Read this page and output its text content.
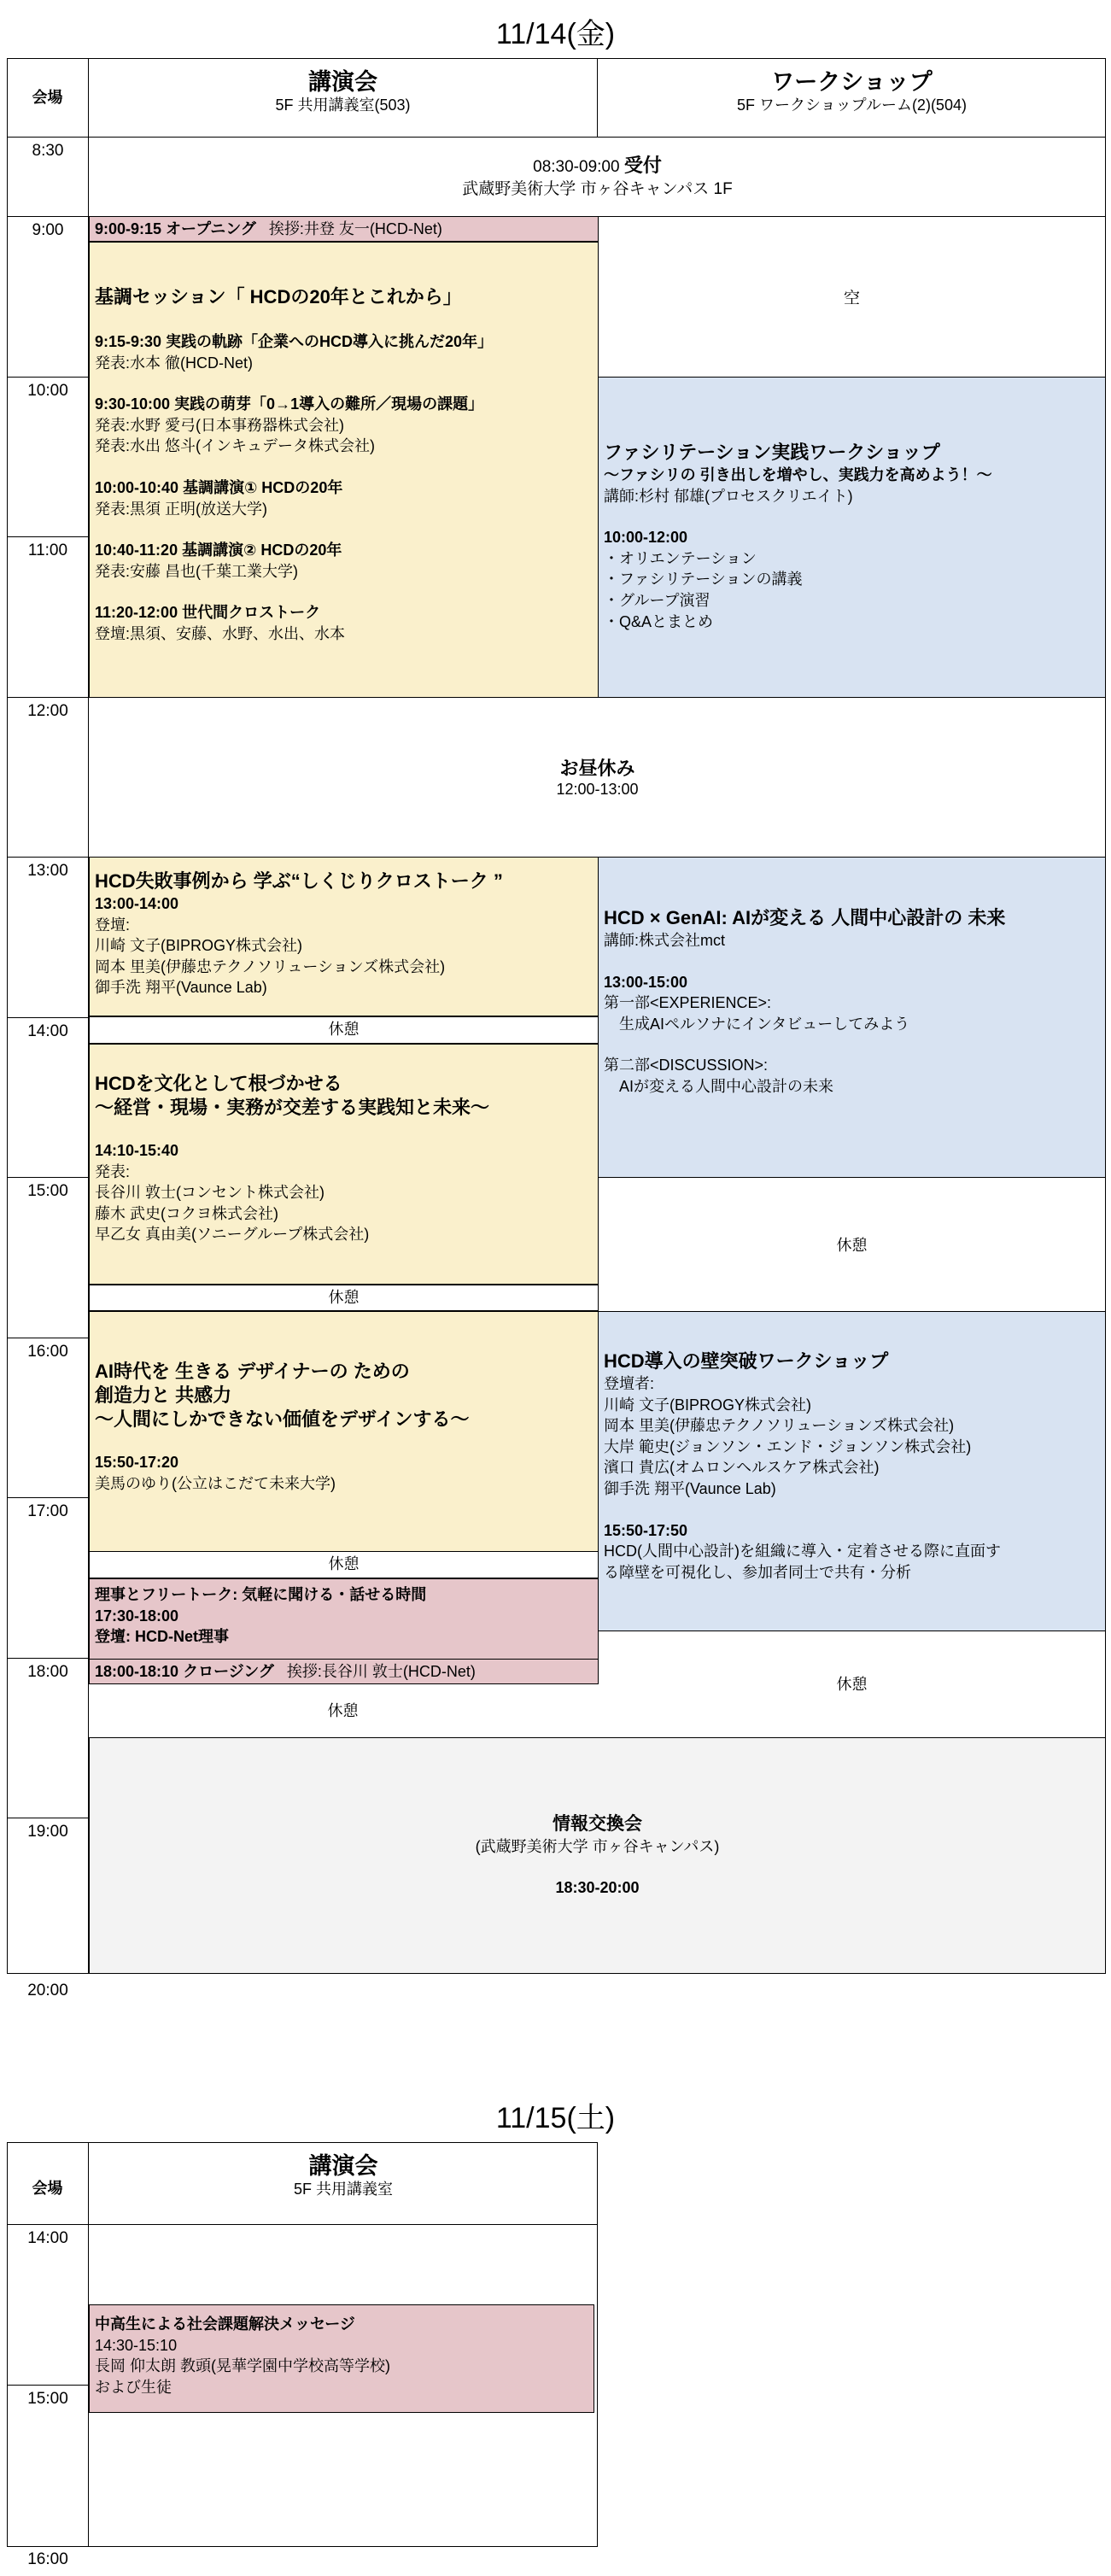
11/14(金)
会場
講演会
5F 共用講義室(503)
ワークショップ
5F ワークショップルーム(2)(504)
8:30
9:00
10:00
11:00
12:00
13:00
14:00
15:00
16:00
17:00
18:00
19:00
20:00
08:30-09:00 受付
武蔵野美術大学 市ヶ谷キャンパス 1F
9:00-9:15 オープニング 挨拶:井登 友一(HCD-Net)
基調セッション「 HCDの20年とこれから」
9:15-9:30 実践の軌跡「企業へのHCD導入に挑んだ20年」
発表:水本 徹(HCD-Net)
9:30-10:00 実践の萌芽「0→1導入の難所／現場の課題」
発表:水野 愛弓(日本事務器株式会社)
発表:水出 悠斗(インキュデータ株式会社)
10:00-10:40 基調講演① HCDの20年
発表:黒須 正明(放送大学)
10:40-11:20 基調講演② HCDの20年
発表:安藤 昌也(千葉工業大学)
11:20-12:00 世代間クロストーク
登壇:黒須、安藤、水野、水出、水本
空
ファシリテーション実践ワークショップ
〜ファシリの 引き出しを増やし、実践力を高めよう！〜
講師:杉村 郁雄(プロセスクリエイト)
10:00-12:00
・オリエンテーション
・ファシリテーションの講義
・グループ演習
・Q&Aとまとめ
お昼休み
12:00-13:00
HCD失敗事例から 学ぶ“しくじりクロストーク ”
13:00-14:00
登壇:
川崎 文子(BIPROGY株式会社)
岡本 里美(伊藤忠テクノソリューションズ株式会社)
御手洗 翔平(Vaunce Lab)
HCD × GenAI: AIが変える 人間中心設計の 未来
講師:株式会社mct
13:00-15:00
第一部<EXPERIENCE>:
　生成AIペルソナにインタビューしてみよう
第二部<DISCUSSION>:
　AIが変える人間中心設計の未来
休憩
HCDを文化として根づかせる
〜経営・現場・実務が交差する実践知と未来〜
14:10-15:40
発表:
長谷川 敦士(コンセント株式会社)
藤木 武史(コクヨ株式会社)
早乙女 真由美(ソニーグループ株式会社)
休憩
休憩
AI時代を 生きる デザイナーの ための
創造力と 共感力
〜人間にしかできない価値をデザインする〜
15:50-17:20
美馬のゆり(公立はこだて未来大学)
HCD導入の壁突破ワークショップ
登壇者:
川崎 文子(BIPROGY株式会社)
岡本 里美(伊藤忠テクノソリューションズ株式会社)
大岸 範史(ジョンソン・エンド・ジョンソン株式会社)
濱口 貴広(オムロンヘルスケア株式会社)
御手洗 翔平(Vaunce Lab)
15:50-17:50
HCD(人間中心設計)を組織に導入・定着させる際に直面す
る障壁を可視化し、参加者同士で共有・分析
休憩
理事とフリートーク: 気軽に聞ける・話せる時間
17:30-18:00
登壇: HCD-Net理事
18:00-18:10 クロージング 挨拶:長谷川 敦士(HCD-Net)
休憩
休憩
情報交換会
(武蔵野美術大学 市ヶ谷キャンパス)
18:30-20:00
11/15(土)
会場
講演会
5F 共用講義室
14:00
15:00
16:00
中高生による社会課題解決メッセージ
14:30-15:10
長岡 仰太朗 教頭(晃華学園中学校高等学校)
および生徒
